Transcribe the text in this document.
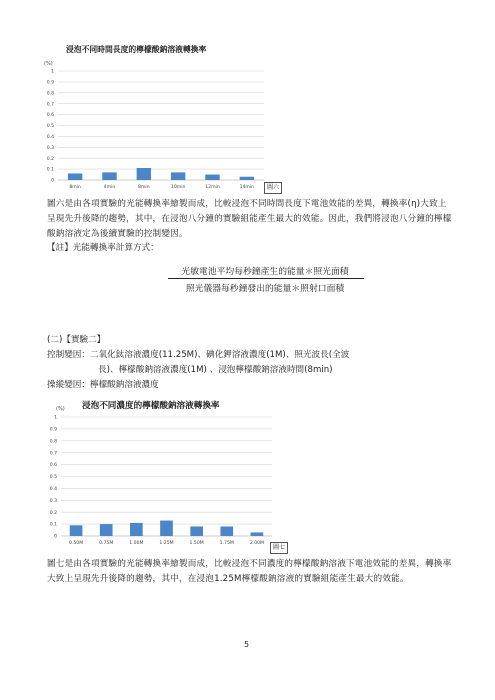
浸泡不同時間長度的檸檬酸鈉溶液轉換率
(%)
0
0.1
0.2
0.3
0.4
0.5
0.6
0.7
0.8
0.9
1
8min	4min	8min	10min	12min	14min	圖六
圖六是由各項實驗的光能轉換率繪製而成，比較浸泡不同時間長度下電池效能的差異，轉換率(η)大致上呈現先升後降的趨勢，其中，在浸泡八分鐘的實驗組能產生最大的效能。因此，我們將浸泡八分鐘的檸檬酸鈉溶液定為後續實驗的控制變因。
【註】光能轉換率計算方式：
光敏電池平均每秒鐘產生的能量＊照光面積
照光儀器每秒鐘發出的能量＊照射口面積
(二)【實驗二】
控制變因：二氧化鈦溶液濃度(11.25M)、碘化鉀溶液濃度(1M)、照光波長(全波
長)、檸檬酸鈉溶液濃度(1M) 、浸泡檸檬酸鈉溶液時間(8min)
操縱變因：檸檬酸鈉溶液濃度
浸泡不同濃度的檸檬酸鈉溶液轉換率
(%)
0
0.1
0.2
0.3
0.4
0.5
0.6
0.7
0.8
0.9
1
0.50M	0.75M	1.00M	1.25M	1.50M	1.75M	2.00M
圖七
圖七是由各項實驗的光能轉換率繪製而成，比較浸泡不同濃度的檸檬酸鈉溶液下電池效能的差異，轉換率大致上呈現先升後降的趨勢，其中，在浸泡1.25M檸檬酸鈉溶液的實驗組能產生最大的效能。
5
